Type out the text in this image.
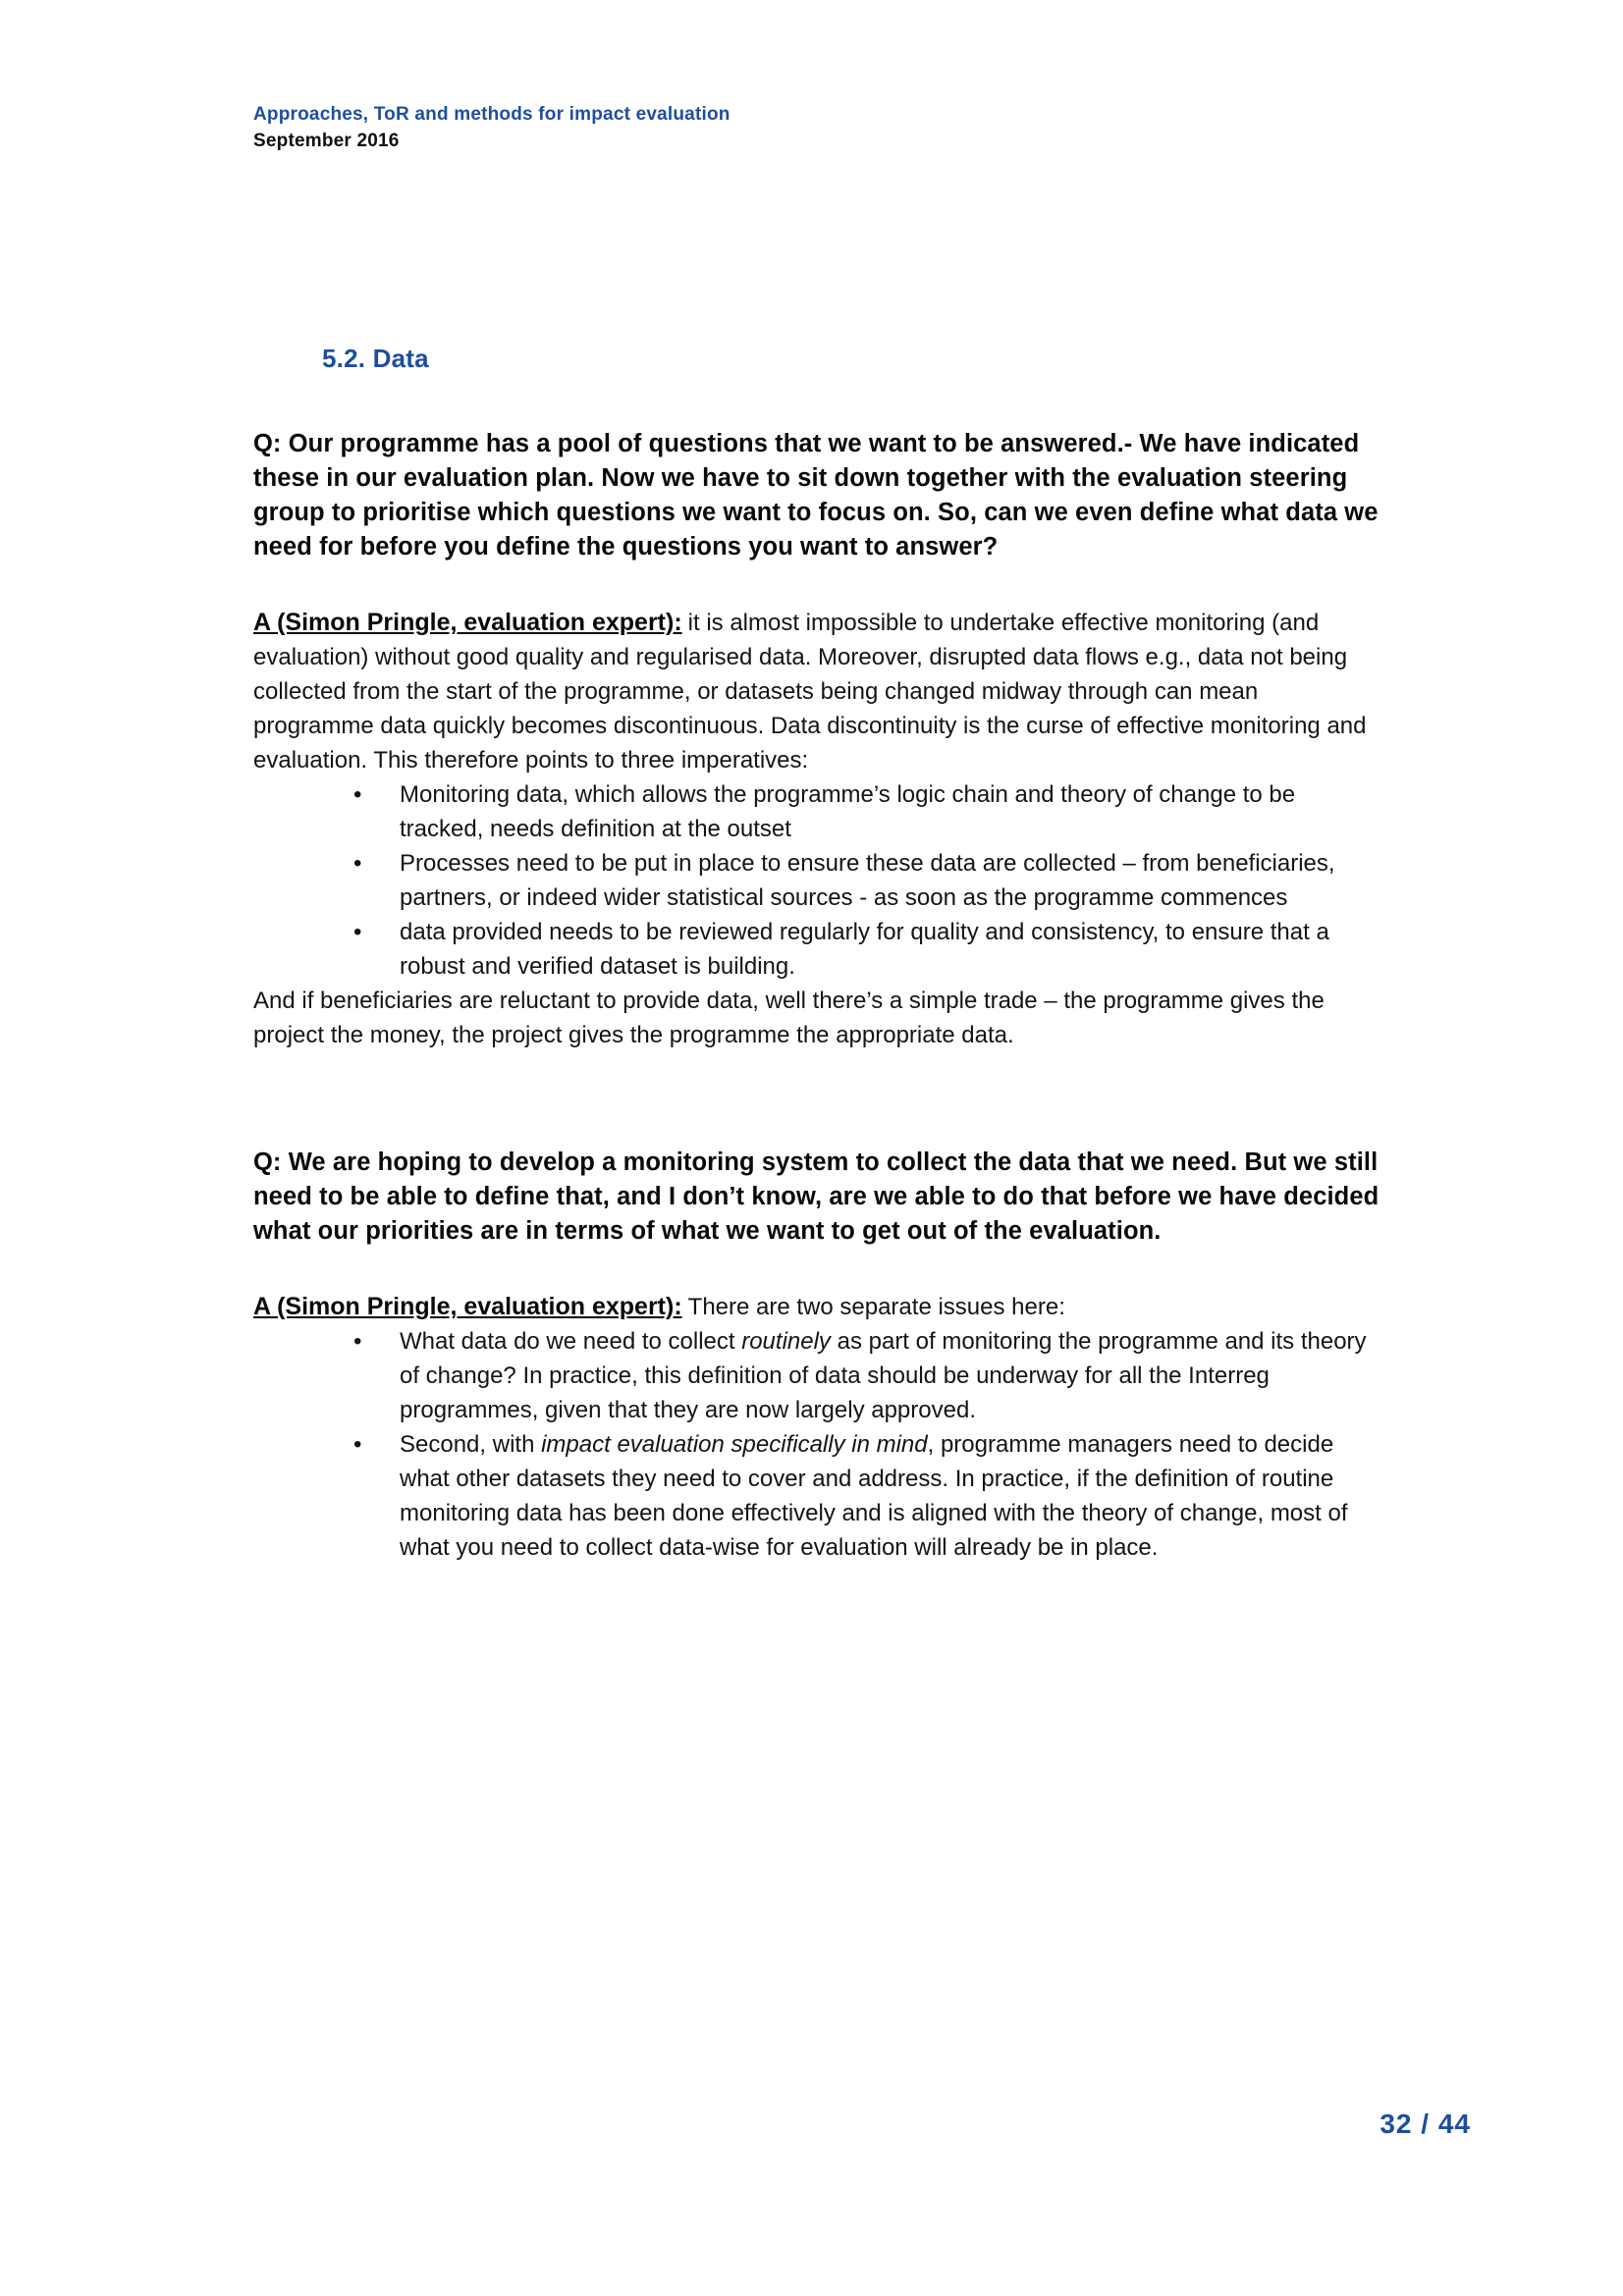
Approaches, ToR and methods for impact evaluation
September 2016
5.2. Data

Q: Our programme has a pool of questions that we want to be answered.- We have indicated these in our evaluation plan. Now we have to sit down together with the evaluation steering group to prioritise which questions we want to focus on. So, can we even define what data we need for before you define the questions you want to answer?

A (Simon Pringle, evaluation expert): it is almost impossible to undertake effective monitoring (and evaluation) without good quality and regularised data. Moreover, disrupted data flows e.g., data not being collected from the start of the programme, or datasets being changed midway through can mean programme data quickly becomes discontinuous. Data discontinuity is the curse of effective monitoring and evaluation. This therefore points to three imperatives:

•	Monitoring data, which allows the programme’s logic chain and theory of change to be tracked, needs definition at the outset
•	Processes need to be put in place to ensure these data are collected – from beneficiaries, partners, or indeed wider statistical sources - as soon as the programme commences
•	data provided needs to be reviewed regularly for quality and consistency, to ensure that a robust and verified dataset is building.

And if beneficiaries are reluctant to provide data, well there’s a simple trade – the programme gives the project the money, the project gives the programme the appropriate data.

Q: We are hoping to develop a monitoring system to collect the data that we need. But we still need to be able to define that, and I don’t know, are we able to do that before we have decided what our priorities are in terms of what we want to get out of the evaluation.

A (Simon Pringle, evaluation expert): There are two separate issues here:

•	What data do we need to collect routinely as part of monitoring the programme and its theory of change? In practice, this definition of data should be underway for all the Interreg programmes, given that they are now largely approved.
•	Second, with impact evaluation specifically in mind, programme managers need to decide what other datasets they need to cover and address. In practice, if the definition of routine monitoring data has been done effectively and is aligned with the theory of change, most of what you need to collect data-wise for evaluation will already be in place.
32 / 44
